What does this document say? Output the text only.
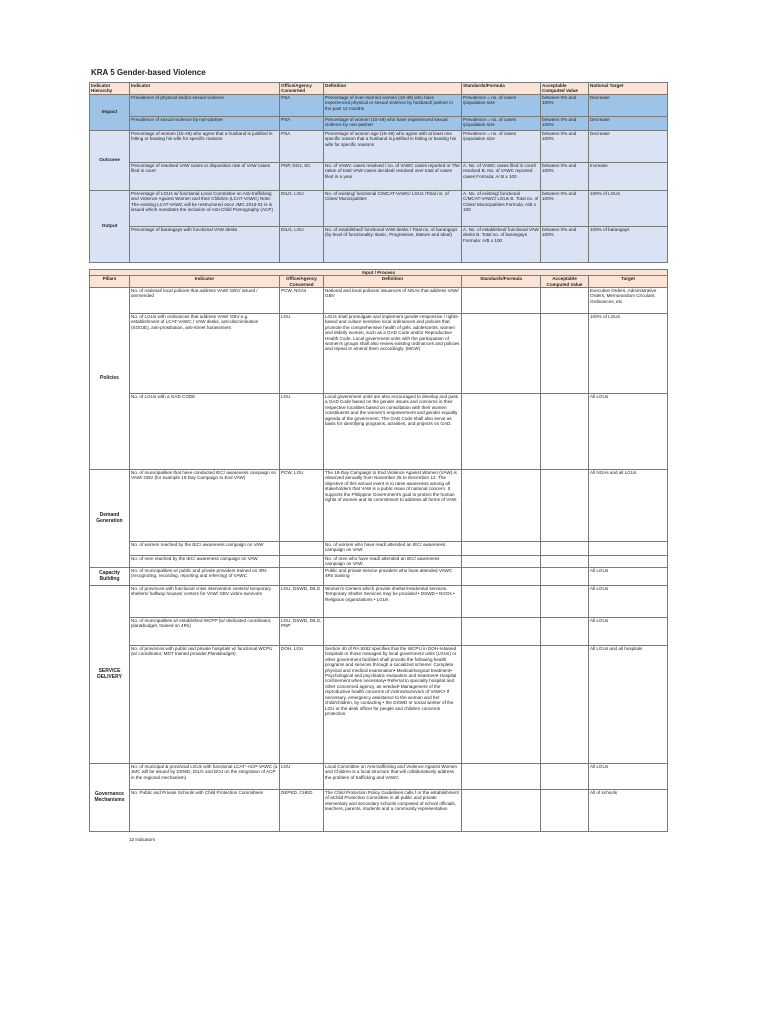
KRA 5 Gender-based Violence
Indicator Hierarchy	Indicator	Office/Agency Concerned	Definition	Standards/Formula	Acceptable Computed Value	Notional Target
Impact	Prevalence of physical and/or sexual violence	PSA	Percentage of ever-married women (15-49) who have experienced physical or sexual violence by husband/ partner in the past 12 months	Prevalence = no. of cases /population size	between 0% and 100%	Decrease
	Prevalence of sexual violence by non-partner	PSA	Percentage of women (15-49) who have experienced sexual violence by non-partner	Prevalence = no. of cases /population size	between 0% and 100%	Decrease
Outcome	Percentage of women (15-49) who agree that a husband is justified in hitting or beating his wife for specific reasons	PSA	Percentage of women age (15-49) who agree with at least one specific reason that a husband is justified in hitting or beating his wife for specific reasons	Prevalence = no. of cases /population size	between 0% and 100%	Decrease
	Percentage of resolved VAW cases or disposition rate of VAW cases filed in court	PNP, DOJ, SC	No. of VAWC cases resolved / no. of VAWC cases reported or The ration of total VAW cases decided/ resolved over total of cases filed in a year	A. No. of VAWC cases filed in court/ resolved B. No. of VAWC reported cases Formula: A/ B x 100	between 0% and 100%	Increase
Output	Percentage of LGUs w/ functional Local Committee on Anti-trafficking and Violence Against Women and their Children (LCAT-VAWC) Note: The existing LCAT-VAWC will be restructured once JMC 2016-01 is is issued which mandates the inclusion of Anti-Child Pornography (ACP)	DILG, LGU	No. of existing/ functional C/MCAT-VAWC/ LGUs /Total no. of Cities/ Municipalities	A. No. of existing/ functional C/MCAT-VAWC/ LGUs B. Total no. of Cities/ Municipalities Formula: A/B x 100	between 0% and 100%	100% of LGUs
	Percentage of barangays with functional VAW desks	DILG, LGU	No. of established/ functional VAW desks / Total no. of barangays (by level of functionality: Basic, Progressive, Mature and Ideal)	A. No. of established/ functional VAW desks B. Total no. of barangays Formula: A/B x 100	between 0% and 100%	100% of barangays
Input / Process						
Pillars	Indicator	Office/Agency Concerned	Definition	Standards/Formula	Acceptable Computed Value	Target
Policies	No. of national/ local policies that address VAW/ GBV/ issued / ammended	PCW, NGAs	National and local policies/ issuances of NGAs that address VAW/ GBV			Executive Orders, Administrative Orders, Memorandum Circulars, Ordinances, etc.
	No. of LGUs with ordinances that address VAW/ GBV e.g. establishment of LCAT-VAWC / VAW desks, anti-discrimination (SOGIE), anti-prostitution, anti-street harassment	LGU	LGUs shall promulgate and implement gender-responsive / rights-based and culture sensitive local ordinances and policies that promote the comprehensive health of girls, adolescents, women and elderly women, such as a GAD Code and/or Reproductive Health Code. Local government units with the participation of women's groups shall also review existing ordinances and policies and repeal or amend them accordingly. (MCW)			100% of LGUs
	No. of LGUs with a GAD CODE	LGU	Local government units are also encouraged to develop and pass a GAD Code based on the gender issues and concerns in their respective localities based on consultation with their women constituents and the women's empowerment and gender equality agenda of the government. The GAD Code shall also serve as basis for identifying programs, activities, and projects on GAD.			All LGUs
Demand Generation	No. of municipalities that have conducted IEC/ awareness campaign on VAW/ GBV (for example 18 Day Campaign to End VAW)	PCW, LGU	The 18-Day Campaign to End Violence Against Women (VAW) is observed annually from November 25 to December 12. The objective of this annual event is to raise awareness among all stakeholders that VAW is a public issue of national concern. It supports the Philippine Government's goal to protect the human rights of women and its commitment to address all forms of VAW.			All NGAs and all LGUs
	No. of women reached by the IEC/ awareness campaign on VAW		No. of women who have read/ attended an IEC/ awareness campaign on VAW			
	No. of men reached by the IEC/ awareness campaign on VAW		No. of men who have read/ attended an IEC/ awareness campaign on VAW			
Capacity Building	No. of municipalities w/ public and private providers trained on 4Rs (recognizing, recording, reporting and referring) of VAWC		Public and private service providers who have attended VAWC 4Rs training			All LGUs
SERVICE DELIVERY	No. of provinces with functional crisis intervention centers/ temporary shelters/ halfway houses/ centers for VAW/ GBV victim-survivors	LGU, DSWD, DILG	Women's Centers which provide shelter/residential services. Temporary Shelter Services may be provided • DSWD • NGOs • Religious organizations • LGUs			All LGUs
	No. of municipalities w/ established WCPP (w/ dedicated coordinator, plan&budget, trained on 4Rs)	LGU, DSWD, DILG, PNP				All LGUs
	No. of provinces with public and private hospitals w/ functional WCPU (w/ coordinator, MDT trained provider,Plan&budget)	DOH, LGU	Section 40 of RA 9262 specifies that the WCPU in DOH-retained hospitals or those managed by local government units (LGUs) or other government facilities shall provide the following health programs and services through a socialized scheme: Complete physical and medical examination• Medical/surgical treatment• Psychological and psychiatric evaluation and treatment• Hospital confinement when necessary• Referral to specialty hospital and other concerned agency, as needed• Management of the reproductive health concerns of victims/survivors of VAWC• If necessary, emergency assistance to the woman and her child/children, by contacting • the DSWD or social worker of the LGU or the desk officer for people and children concerns protection.			All LGUs and all hospitals
Governance Mechanisms	No. of municipal & provincial LGUs with functional LCAT--ACP-VAWC (a JMC will be issued by DSWD, DILG and DOJ on the integration of ACP in the regional mechanism)	LGU	Local Committee on Anti-trafficking and Violence Against Women and Children is a local structure that will collaboratively address the problem of trafficking and VAWC			All LGUs
	No. Public and Private Schools with Child Protection Committees	DEPED, CHED	The Child Protection Policy Guidelines calls f or the establishment of aChild Protection Committee in all public and private elementary and secondary schools composed of school officials, teachers, parents, students and a community representative.			All of schools
12 indicators
